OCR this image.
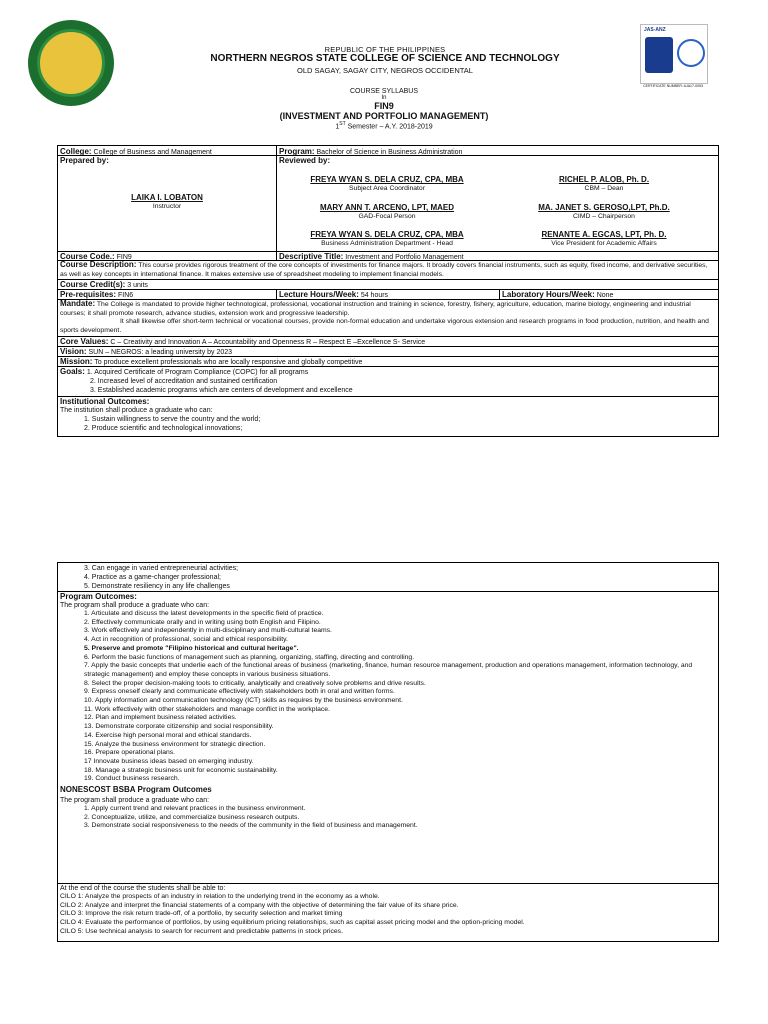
REPUBLIC OF THE PHILIPPINES
NORTHERN NEGROS STATE COLLEGE OF SCIENCE AND TECHNOLOGY
OLD SAGAY, SAGAY CITY, NEGROS OCCIDENTAL
JAS-ANZ
CERTIFICATE NUMBER: AJA17-0053
COURSE SYLLABUS
In
FIN9
(INVESTMENT AND PORTFOLIO MANAGEMENT)
1ST Semester – A.Y. 2018-2019
College: College of Business and Management	Program: Bachelor of Science in Business Administration
Prepared by:	Reviewed by:
LAIKA I. LOBATON
Instructor
FREYA WYAN S. DELA CRUZ, CPA, MBA
Subject Area Coordinator
RICHEL P. ALOB, Ph. D.
CBM – Dean
MARY ANN T. ARCENO, LPT, MAED
GAD-Focal Person
MA. JANET S. GEROSO,LPT, Ph.D.
CIMD – Chairperson
FREYA WYAN S. DELA CRUZ, CPA, MBA
Business Administration Department - Head
RENANTE A. EGCAS, LPT, Ph. D.
Vice President for Academic Affairs
Course Code.: FIN9	Descriptive Title: Investment and Portfolio Management
Course Description: This course provides rigorous treatment of the core concepts of investments for finance majors. It broadly covers financial instruments, such as equity, fixed income, and derivative securities, as well as key concepts in international finance. It makes extensive use of spreadsheet modeling to implement financial models.
Course Credit(s): 3 units
Pre-requisites: FIN6	Lecture Hours/Week: 54 hours	Laboratory Hours/Week: None
Mandate: The College is mandated to provide higher technological, professional, vocational instruction and training in science, forestry, fishery, agriculture, education, marine biology, engineering and industrial courses; it shall promote research, advance studies, extension work and progressive leadership.
It shall likewise offer short-term technical or vocational courses, provide non-formal education and undertake vigorous extension and research programs in food production, nutrition, and health and sports development.
Core Values: C – Creativity and Innovation A – Accountability and Openness R – Respect E –Excellence S- Service
Vision: SUN – NEGROS: a leading university by 2023
Mission: To produce excellent professionals who are locally responsive and globally competitive
Goals: 1. Acquired Certificate of Program Compliance (COPC) for all programs
2. Increased level of accreditation and sustained certification
3. Established academic programs which are centers of development and excellence
Institutional Outcomes:
The institution shall produce a graduate who can:
1. Sustain willingness to serve the country and the world;
2. Produce scientific and technological innovations;
3. Can engage in varied entrepreneurial activities;
4. Practice as a game-changer professional;
5. Demonstrate resiliency in any life challenges
Program Outcomes:
The program shall produce a graduate who can:
1. Articulate and discuss the latest developments in the specific field of practice.
2. Effectively communicate orally and in writing using both English and Filipino.
3. Work effectively and independently in multi-disciplinary and multi-cultural teams.
4. Act in recognition of professional, social and ethical responsibility.
5. Preserve and promote "Filipino historical and cultural heritage".
6. Perform the basic functions of management such as planning, organizing, staffing, directing and controlling.
7. Apply the basic concepts that underlie each of the functional areas of business (marketing, finance, human resource management, production and operations management, information technology, and strategic management) and employ these concepts in various business situations.
8. Select the proper decision-making tools to critically, analytically and creatively solve problems and drive results.
9. Express oneself clearly and communicate effectively with stakeholders both in oral and written forms.
10. Apply information and communication technology (ICT) skills as requires by the business environment.
11. Work effectively with other stakeholders and manage conflict in the workplace.
12. Plan and implement business related activities.
13. Demonstrate corporate citizenship and social responsibility.
14. Exercise high personal moral and ethical standards.
15. Analyze the business environment for strategic direction.
16. Prepare operational plans.
17 Innovate business ideas based on emerging industry.
18. Manage a strategic business unit for economic sustainability.
19. Conduct business research.
NONESCOST BSBA Program Outcomes
The program shall produce a graduate who can:
1. Apply current trend and relevant practices in the business environment.
2. Conceptualize, utilize, and commercialize business research outputs.
3. Demonstrate social responsiveness to the needs of the community in the field of business and management.
At the end of the course the students shall be able to:
CILO 1: Analyze the prospects of an industry in relation to the underlying trend in the economy as a whole.
CILO 2: Analyze and interpret the financial statements of a company with the objective of determining the fair value of its share price.
CILO 3: Improve the risk return trade-off, of a portfolio, by security selection and market timing
CILO 4: Evaluate the performance of portfolios, by using equilibrium pricing relationships, such as capital asset pricing model and the option-pricing model.
CILO 5: Use technical analysis to search for recurrent and predictable patterns in stock prices.
